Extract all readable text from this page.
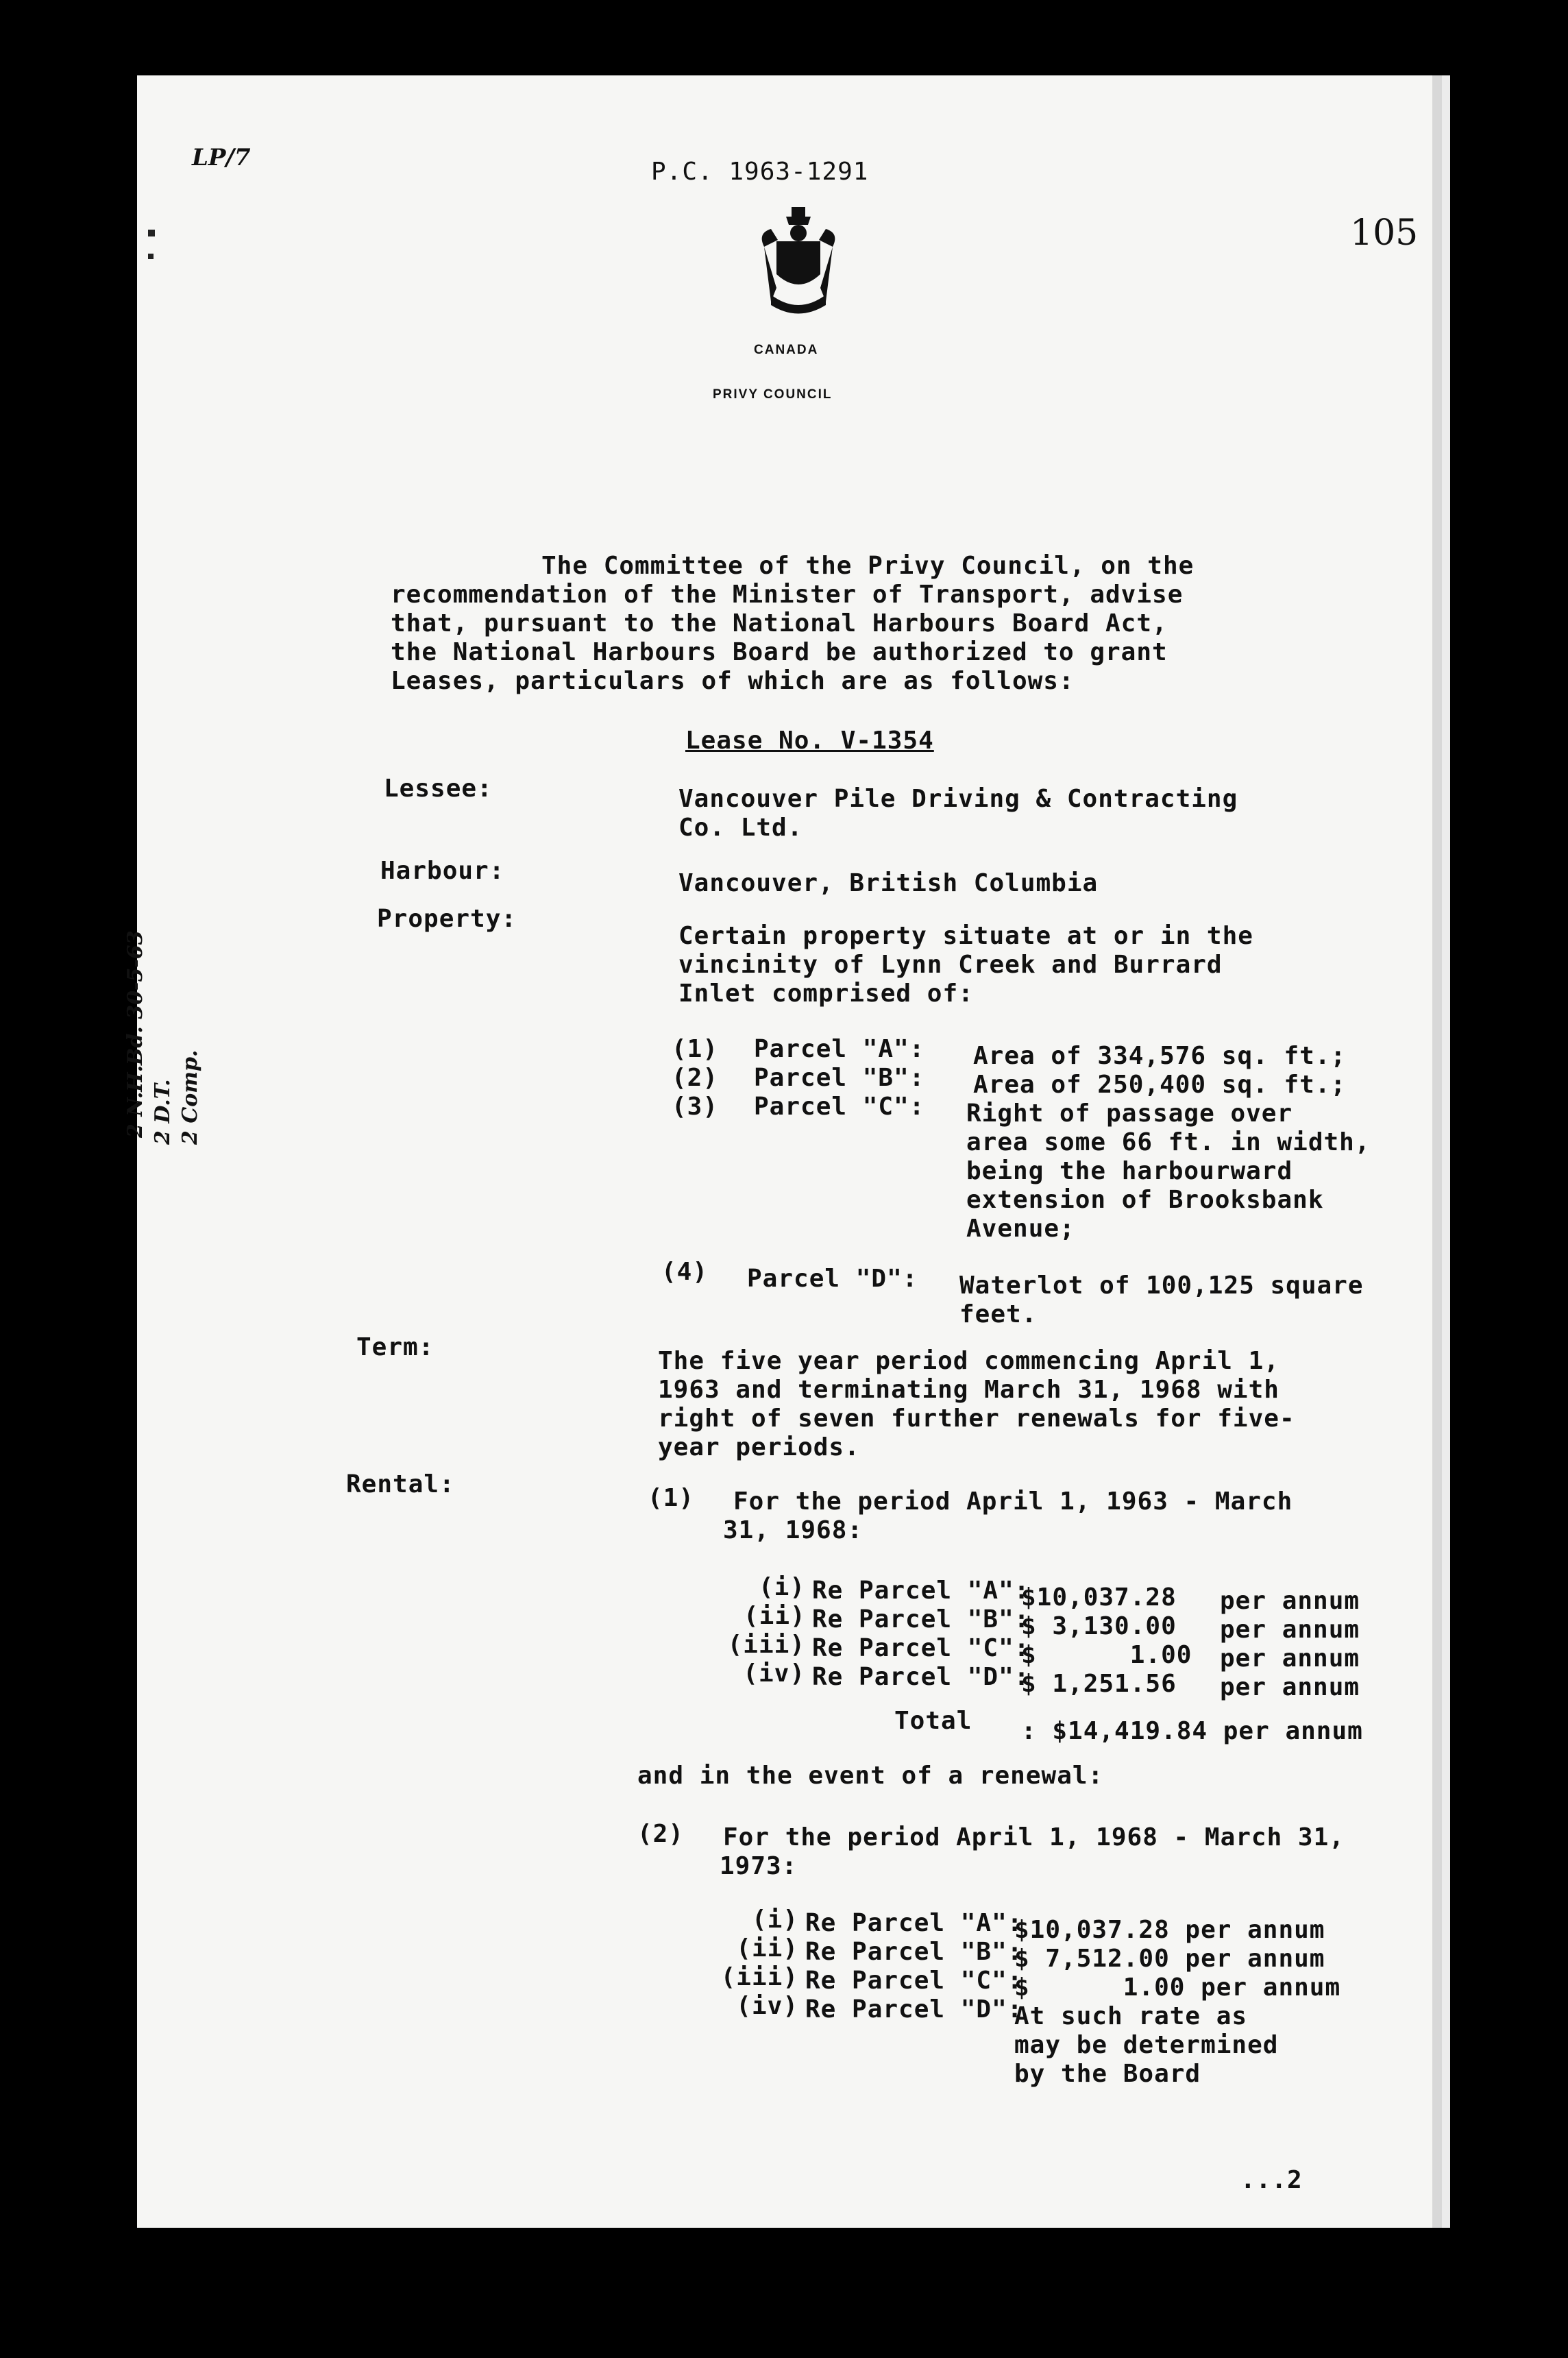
LP/7	P.C. 1963-1291
105
CANADA
PRIVY COUNCIL
2 N.H.Bd. 30-5-63 2 D.T. 2 Comp.
The Committee of the Privy Council, on the
recommendation of the Minister of Transport, advise
that, pursuant to the National Harbours Board Act,
the National Harbours Board be authorized to grant
Leases, particulars of which are as follows:
Lease No. V-1354
Lessee:	Vancouver Pile Driving & Contracting
Co. Ltd.
Harbour:	Vancouver, British Columbia
Property:
Certain property situate at or in the
vincinity of Lynn Creek and Burrard
Inlet comprised of:
(1) Parcel "A": Area of 334,576 sq. ft.;
(2) Parcel "B": Area of 250,400 sq. ft.;
(3) Parcel "C": Right of passage over
area some 66 ft. in width,
being the harbourward
extension of Brooksbank
Avenue;
(4) Parcel "D": Waterlot of 100,125 square
feet.
Term:	The five year period commencing April 1,
1963 and terminating March 31, 1968 with
right of seven further renewals for five-
year periods.
Rental:	(1) For the period April 1, 1963 - March
31, 1968:
(i) Re Parcel "A":
$10,037.28 per annum
(ii) Re Parcel "B":
$ 3,130.00 per annum
(iii) Re Parcel "C":
$      1.00 per annum
(iv) Re Parcel "D":
$ 1,251.56 per annum
Total : $14,419.84 per annum
and in the event of a renewal:
(2) For the period April 1, 1968 - March 31,
1973:
(i) Re Parcel "A":
$10,037.28 per annum
(ii) Re Parcel "B":
$ 7,512.00 per annum
(iii) Re Parcel "C":
$      1.00 per annum
(iv) Re Parcel "D":
At such rate as
may be determined
by the Board
...2
